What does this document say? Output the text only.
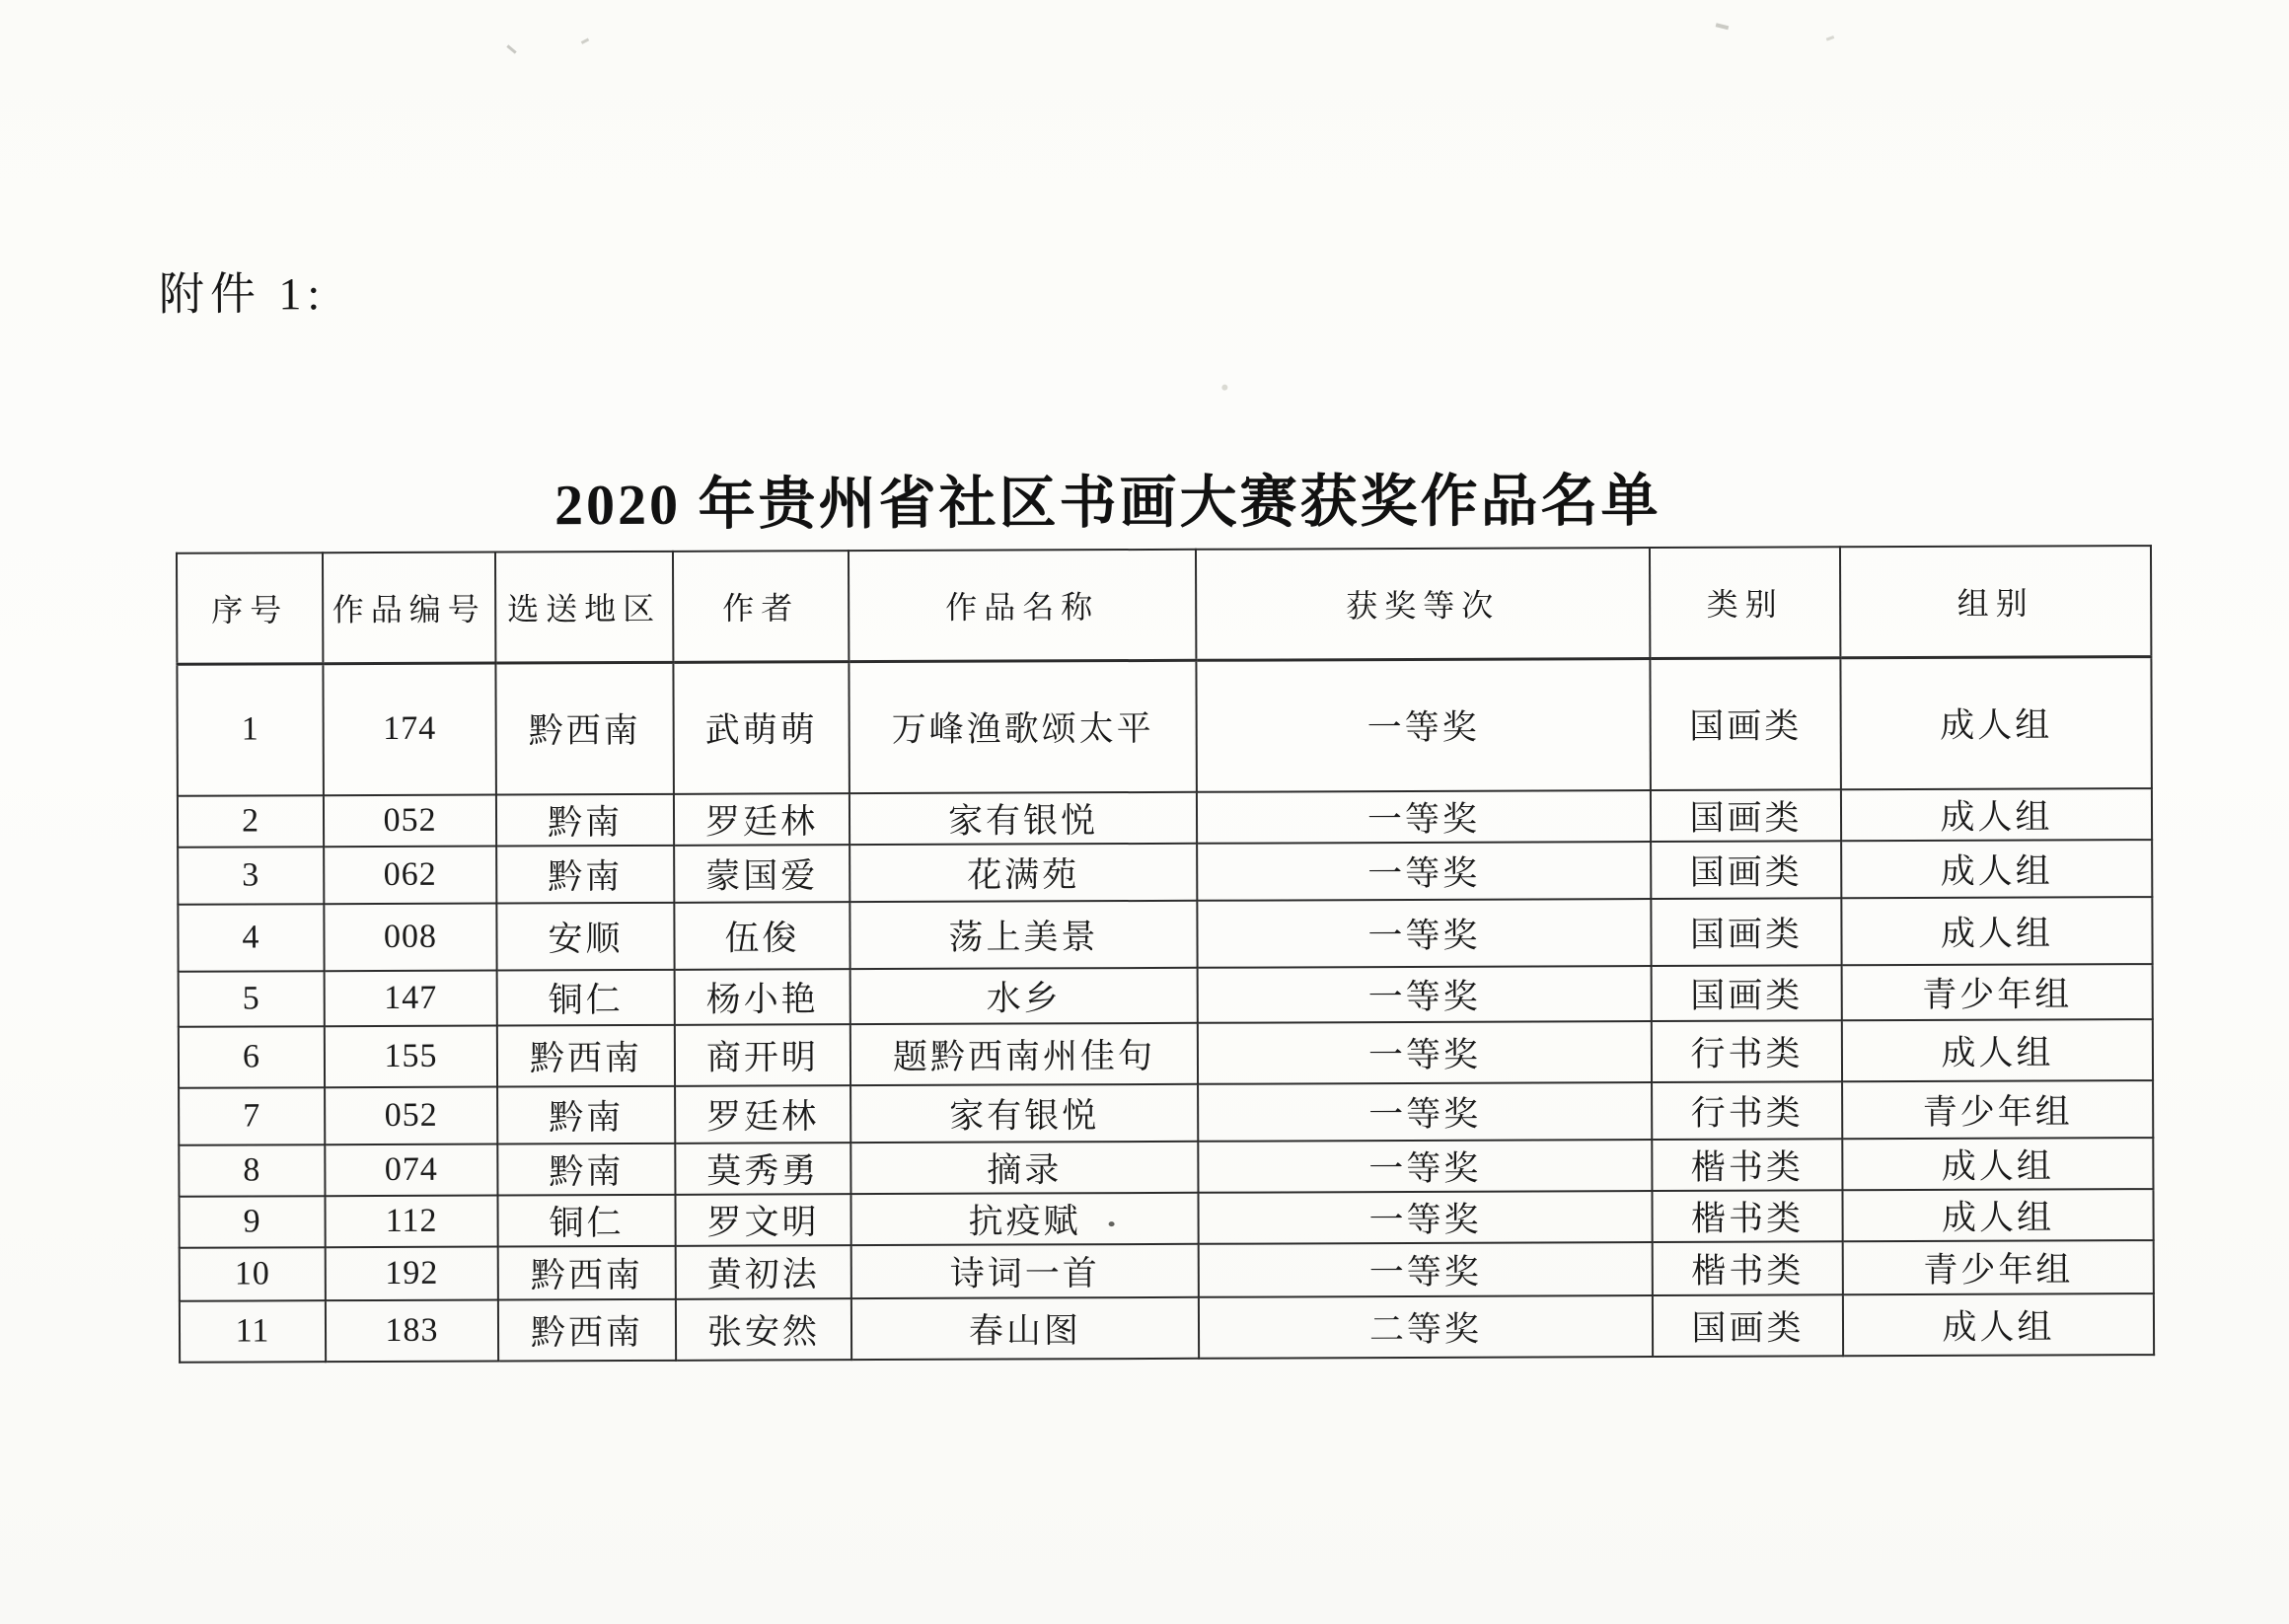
附件 1:
2020 年贵州省社区书画大赛获奖作品名单
序号	作品编号	选送地区	作者	作品名称	获奖等次	类别	组别
1	174	黔西南	武萌萌	万峰渔歌颂太平	一等奖	国画类	成人组
2	052	黔南	罗廷林	家有银悦	一等奖	国画类	成人组
3	062	黔南	蒙国爱	花满苑	一等奖	国画类	成人组
4	008	安顺	伍俊	荡上美景	一等奖	国画类	成人组
5	147	铜仁	杨小艳	水乡	一等奖	国画类	青少年组
6	155	黔西南	商开明	题黔西南州佳句	一等奖	行书类	成人组
7	052	黔南	罗廷林	家有银悦	一等奖	行书类	青少年组
8	074	黔南	莫秀勇	摘录	一等奖	楷书类	成人组
9	112	铜仁	罗文明	抗疫赋	一等奖	楷书类	成人组
10	192	黔西南	黄初法	诗词一首	一等奖	楷书类	青少年组
11	183	黔西南	张安然	春山图	二等奖	国画类	成人组
